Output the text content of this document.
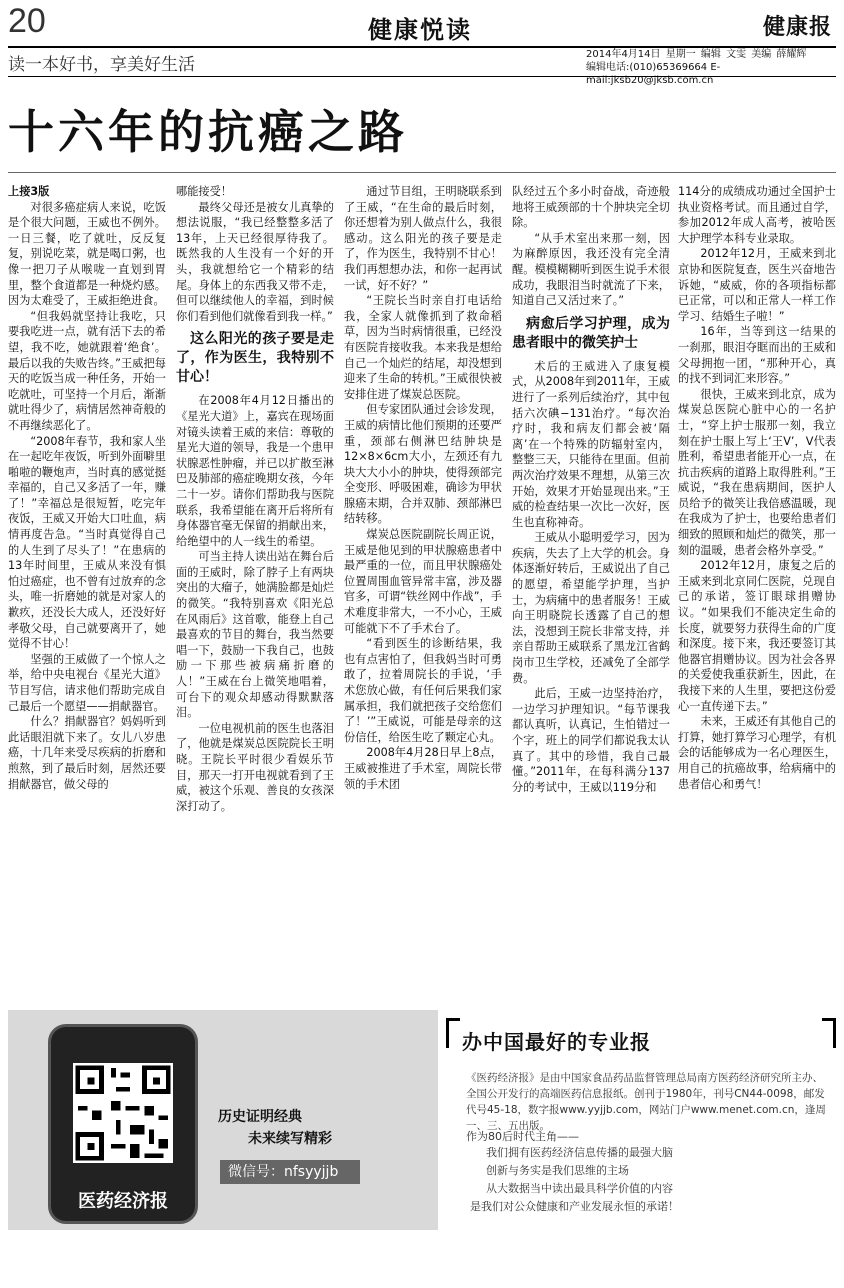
20	健康悦读	健康报
读一本好书，享美好生活
2014年4月14日 星期一 编辑 文雯 美编 薛耀辉
编辑电话:(010)65369664 E-mail:jksb20@jksb.com.cn
十六年的抗癌之路

上接3版

对很多癌症病人来说，吃饭是个很大问题，王威也不例外。一日三餐，吃了就吐，反反复复，别说吃菜，就是喝口粥，也像一把刀子从喉咙一直划到胃里，整个食道都是一种烧灼感。因为太难受了，王威拒绝进食。

“但我妈就坚持让我吃，只要我吃进一点，就有活下去的希望，我不吃，她就跟着‘绝食’。最后以我的失败告终。”王威把每天的吃饭当成一种任务，开始一吃就吐，可坚持一个月后，渐渐就吐得少了，病情居然神奇般的不再继续恶化了。

“2008年春节，我和家人坐在一起吃年夜饭，听到外面噼里啪啦的鞭炮声，当时真的感觉挺幸福的，自己又多活了一年，赚了！”幸福总是很短暂，吃完年夜饭，王威又开始大口吐血，病情再度告急。“当时真觉得自己的人生到了尽头了！”在患病的13年时间里，王威从来没有惧怕过癌症，也不曾有过放弃的念头，唯一折磨她的就是对家人的歉疚，还没长大成人，还没好好孝敬父母，自己就要离开了，她觉得不甘心！

坚强的王威做了一个惊人之举，给中央电视台《星光大道》节目写信，请求他们帮助完成自己最后一个愿望——捐献器官。

什么？捐献器官？妈妈听到此话眼泪就下来了。女儿八岁患癌，十几年来受尽疾病的折磨和煎熬，到了最后时刻，居然还要捐献器官，做父母的

哪能接受！

最终父母还是被女儿真挚的想法说服，“我已经整整多活了13年，上天已经很厚待我了。既然我的人生没有一个好的开头，我就想给它一个精彩的结尾。身体上的东西我又带不走，但可以继续他人的幸福，到时候你们看到他们就像看到我一样。”

这么阳光的孩子要是走了，作为医生，我特别不甘心！

在2008年4月12日播出的《星光大道》上，嘉宾在现场面对镜头读着王威的来信：尊敬的星光大道的领导，我是一个患甲状腺恶性肿瘤，并已以扩散至淋巴及肺部的癌症晚期女孩，今年二十一岁。请你们帮助我与医院联系，我希望能在离开后将所有身体器官毫无保留的捐献出来，给绝望中的人一线生的希望。

可当主持人读出站在舞台后面的王威时，除了脖子上有两块突出的大瘤子，她满脸都是灿烂的微笑。“我特别喜欢《阳光总在风雨后》这首歌，能登上自己最喜欢的节目的舞台，我当然要唱一下，鼓励一下我自己，也鼓励一下那些被病痛折磨的人！”王威在台上微笑地唱着，可台下的观众却感动得默默落泪。

一位电视机前的医生也落泪了，他就是煤炭总医院院长王明晓。王院长平时很少看娱乐节目，那天一打开电视就看到了王威，被这个乐观、善良的女孩深深打动了。

通过节目组，王明晓联系到了王威，“在生命的最后时刻，你还想着为别人做点什么，我很感动。这么阳光的孩子要是走了，作为医生，我特别不甘心！我们再想想办法，和你一起再试一试，好不好？”

“王院长当时亲自打电话给我，全家人就像抓到了救命稻草，因为当时病情很重，已经没有医院肯接收我。本来我是想给自己一个灿烂的结尾，却没想到迎来了生命的转机。”王威很快被安排住进了煤炭总医院。

但专家团队通过会诊发现，王威的病情比他们预期的还要严重，颈部右侧淋巴结肿块是12×8×6cm大小，左颈还有九块大大小小的肿块，使得颈部完全变形、呼吸困难，确诊为甲状腺癌末期，合并双肺、颈部淋巴结转移。

煤炭总医院副院长周正说，王威是他见到的甲状腺癌患者中最严重的一位，而且甲状腺癌处位置周围血管异常丰富，涉及器官多，可谓“铁丝网中作战”，手术难度非常大，一不小心，王威可能就下不了手术台了。

“看到医生的诊断结果，我也有点害怕了，但我妈当时可勇敢了，拉着周院长的手说，‘手术您放心做，有任何后果我们家属承担，我们就把孩子交给您们了！’”王威说，可能是母亲的这份信任，给医生吃了颗定心丸。

2008年4月28日早上8点，王威被推进了手术室，周院长带领的手术团

队经过五个多小时奋战，奇迹般地将王威颈部的十个肿块完全切除。

“从手术室出来那一刻，因为麻醉原因，我还没有完全清醒。模模糊糊听到医生说手术很成功，我眼泪当时就流了下来，知道自己又活过来了。”

病愈后学习护理，成为患者眼中的微笑护士

术后的王威进入了康复模式，从2008年到2011年，王威进行了一系列后续治疗，其中包括六次碘−131治疗。“每次治疗时，我和病友们都会被‘隔离’在一个特殊的防辐射室内，整整三天，只能待在里面。但前两次治疗效果不理想，从第三次开始，效果才开始显现出来。”王威的检查结果一次比一次好，医生也直称神奇。

王威从小聪明爱学习，因为疾病，失去了上大学的机会。身体逐渐好转后，王威说出了自己的愿望，希望能学护理，当护士，为病痛中的患者服务！王威向王明晓院长透露了自己的想法，没想到王院长非常支持，并亲自帮助王威联系了黑龙江省鹤岗市卫生学校，还减免了全部学费。

此后，王威一边坚持治疗，一边学习护理知识。“每节课我都认真听，认真记，生怕错过一个字，班上的同学们都说我太认真了。其中的珍惜，我自己最懂。”2011年，在每科满分137分的考试中，王威以119分和

114分的成绩成功通过全国护士执业资格考试。而且通过自学，参加2012年成人高考，被哈医大护理学本科专业录取。

2012年12月，王威来到北京协和医院复查，医生兴奋地告诉她，“威威，你的各项指标都已正常，可以和正常人一样工作学习、结婚生子啦！”

16年，当等到这一结果的一刹那，眼泪夺眶而出的王威和父母拥抱一团，“那种开心，真的找不到词汇来形容。”

很快，王威来到北京，成为煤炭总医院心脏中心的一名护士，“穿上护士服那一刻，我立刻在护士服上写上‘王V’，V代表胜利，希望患者能开心一点，在抗击疾病的道路上取得胜利。”王威说，“我在患病期间，医护人员给予的微笑让我倍感温暖，现在我成为了护士，也要给患者们细致的照顾和灿烂的微笑，那一刻的温暖，患者会格外享受。”

2012年12月，康复之后的王威来到北京同仁医院，兑现自己的承诺，签订眼球捐赠协议。“如果我们不能决定生命的长度，就要努力获得生命的广度和深度。接下来，我还要签订其他器官捐赠协议。因为社会各界的关爱使我重获新生，因此，在我接下来的人生里，要把这份爱心一直传递下去。”

未来，王威还有其他自己的打算，她打算学习心理学，有机会的话能够成为一名心理医生，用自己的抗癌故事，给病痛中的患者信心和勇气！

医药经济报
历史证明经典
未来续写精彩
微信号：nfsyyjjb
办中国最好的专业报
《医药经济报》是由中国家食品药品监督管理总局南方医药经济研究所主办、全国公开发行的高端医药信息报纸。创刊于1980年，刊号CN44-0098，邮发代号45-18，数字报www.yyjjb.com，网站门户www.menet.com.cn，逢周一、三、五出版。
作为80后时代主角——
我们拥有医药经济信息传播的最强大脑
创新与务实是我们思维的主场
从大数据当中读出最具科学价值的内容
是我们对公众健康和产业发展永恒的承诺！
